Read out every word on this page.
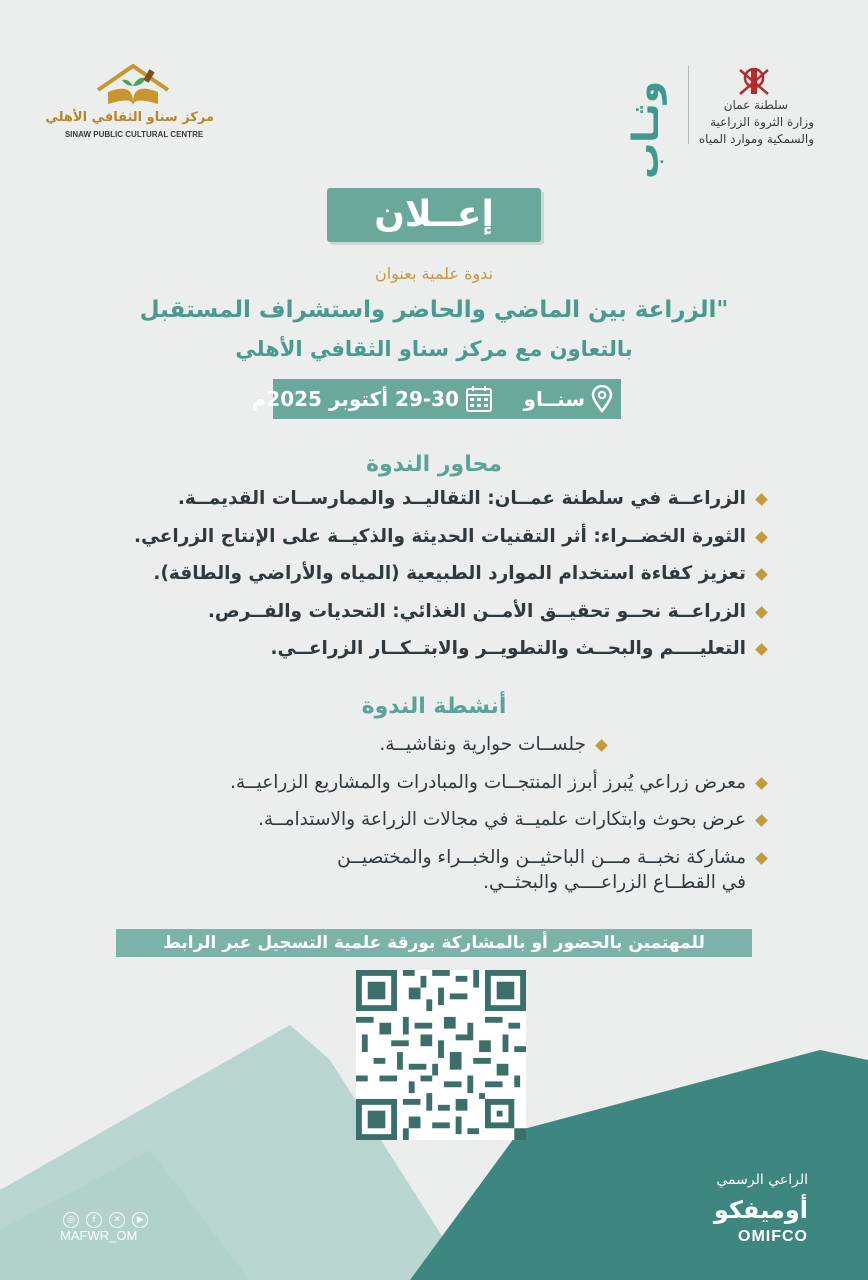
سلطنة عمان
وزارة الثروة الزراعية
والسمكية وموارد المياه
وثـاب
مركز سناو الثقافي الأهلي
SINAW PUBLIC CULTURAL CENTRE
إعــلان
ندوة علمية بعنوان
"الزراعة بين الماضي والحاضر واستشراف المستقبل
بالتعاون مع مركز سناو الثقافي الأهلي
سنــاو
29-30 أكتوبر 2025م
محاور الندوة
الزراعــة في سلطنة عمــان: التقاليــد والممارســات القديمــة.
الثورة الخضــراء: أثر التقنيات الحديثة والذكيــة على الإنتاج الزراعي.
تعزيز كفاءة استخدام الموارد الطبيعية (المياه والأراضي والطاقة).
الزراعــة نحــو تحقيــق الأمــن الغذائي: التحديات والفــرص.
التعليــــم والبحــث والتطويــر والابتــكــار الزراعــي.
أنشطة الندوة
جلســات حوارية ونقاشيــة.
معرض زراعي يُبرز أبرز المنتجــات والمبادرات والمشاريع الزراعيــة.
عرض بحوث وابتكارات علميــة في مجالات الزراعة والاستدامــة.
مشاركة نخبــة مـــن الباحثيــن والخبــراء والمختصيــن
في القطــاع الزراعــــي والبحثــي.
للمهتمين بالحضور أو بالمشاركة بورقة علمية التسجيل عبر الرابط
الراعي الرسمي
أوميفكو
OMIFCO
◎ f ✕ ▶
MAFWR_OM
